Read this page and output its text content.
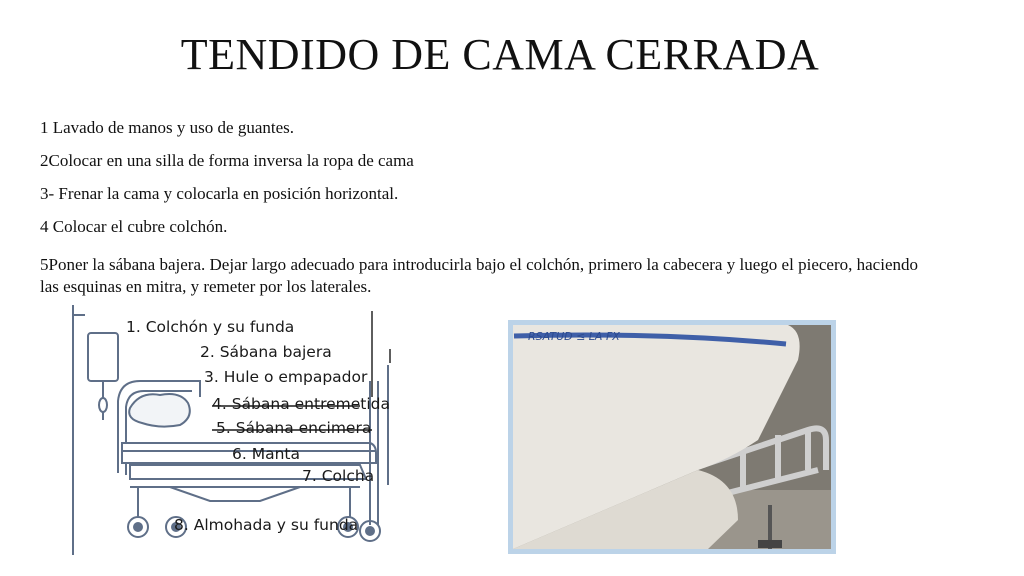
TENDIDO DE CAMA CERRADA
1 Lavado de manos y uso de guantes.
2Colocar en una silla de forma inversa la ropa de cama
3- Frenar la cama y colocarla en posición horizontal.
4 Colocar el cubre colchón.
5Poner la sábana bajera. Dejar largo adecuado para introducirla bajo el colchón, primero la cabecera y luego el piecero, haciendo las esquinas en mitra, y remeter por los laterales.
1. Colchón y su funda
2. Sábana bajera
3. Hule o empapador
4. Sábana entremetida
5. Sábana encimera
6. Manta
7. Colcha
8. Almohada y su funda
RSATUD ≤ LA FX
